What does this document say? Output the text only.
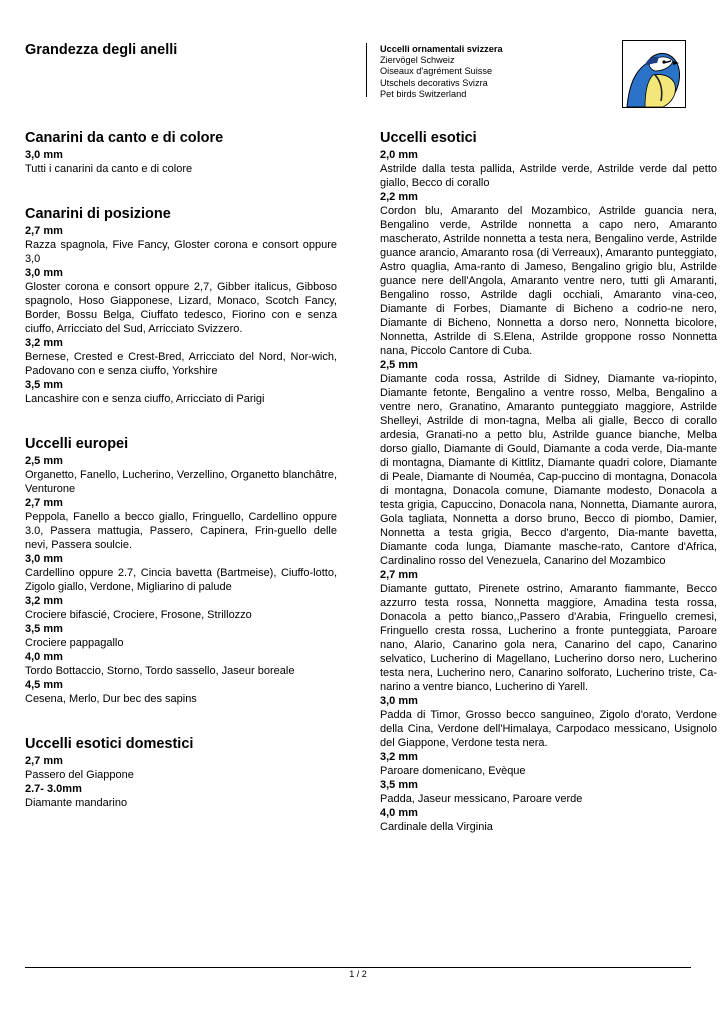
Grandezza degli anelli	Uccelli ornamentali svizzera
Ziervögel Schweiz
Oiseaux d'agrément Suisse
Utschels decorativs Svizra
Pet birds Switzerland
Canarini da canto e di colore
3,0 mm
Tutti i canarini da canto e di colore
Canarini di posizione
2,7 mm
Razza spagnola, Five Fancy, Gloster corona e consort oppure 3,0
3,0 mm
Gloster corona e consort oppure 2,7, Gibber italicus, Gibboso spagnolo, Hoso Giapponese, Lizard, Monaco, Scotch Fancy, Border, Bossu Belga, Ciuffato tedesco, Fiorino con e senza ciuffo, Arricciato del Sud, Arricciato Svizzero.
3,2 mm
Bernese, Crested e Crest-Bred, Arricciato del Nord, Nor-wich, Padovano con e senza ciuffo, Yorkshire
3,5 mm
Lancashire con e senza ciuffo, Arricciato di Parigi
Uccelli europei
2,5 mm
Organetto, Fanello, Lucherino, Verzellino, Organetto blanchâtre, Venturone
2,7 mm
Peppola, Fanello a becco giallo, Fringuello, Cardellino oppure 3.0, Passera mattugia, Passero, Capinera, Frin-guello delle nevi, Passera soulcie.
3,0 mm
Cardellino oppure 2.7, Cincia bavetta (Bartmeise), Ciuffo-lotto, Zigolo giallo, Verdone, Migliarino di palude
3,2 mm
Crociere bifascié, Crociere, Frosone, Strillozzo
3,5 mm
Crociere pappagallo
4,0 mm
Tordo Bottaccio, Storno, Tordo sassello, Jaseur boreale
4,5 mm
Cesena, Merlo, Dur bec des sapins
Uccelli esotici domestici
2,7 mm
Passero del Giappone
2.7- 3.0mm
Diamante mandarino
Uccelli esotici
2,0 mm
Astrilde dalla testa pallida, Astrilde verde, Astrilde verde dal petto giallo, Becco di corallo
2,2 mm
Cordon blu, Amaranto del Mozambico, Astrilde guancia nera, Bengalino verde, Astrilde nonnetta a capo nero, Amaranto mascherato, Astrilde nonnetta a testa nera, Bengalino verde, Astrilde guance arancio, Amaranto rosa (di Verreaux), Amaranto punteggiato, Astro quaglia, Ama-ranto di Jameso, Bengalino grigio blu, Astrilde guance nere dell'Angola, Amaranto ventre nero, tutti gli Amaranti, Bengalino rosso, Astrilde dagli occhiali, Amaranto vina-ceo, Diamante di Forbes, Diamante di Bicheno a codrio-ne nero, Diamante di Bicheno, Nonnetta a dorso nero, Nonnetta bicolore, Nonnetta, Astrilde di S.Elena, Astrilde groppone rosso Nonnetta nana, Piccolo Cantore di Cuba.
2,5 mm
Diamante coda rossa, Astrilde di Sidney, Diamante va-riopinto, Diamante fetonte, Bengalino a ventre rosso, Melba, Bengalino a ventre nero, Granatino, Amaranto punteggiato maggiore, Astrilde Shelleyi, Astrilde di mon-tagna, Melba ali gialle, Becco di corallo ardesia, Granati-no a petto blu, Astrilde guance bianche, Melba dorso giallo, Diamante di Gould, Diamante a coda verde, Dia-mante di montagna, Diamante di Kittlitz, Diamante quadri colore, Diamante di Peale, Diamante di Nouméa, Cap-puccino di montagna, Donacola di montagna, Donacola comune, Diamante modesto, Donacola a testa grigia, Capuccino, Donacola nana, Nonnetta, Diamante aurora, Gola tagliata, Nonnetta a dorso bruno, Becco di piombo, Damier, Nonnetta a testa grigia, Becco d'argento, Dia-mante bavetta, Diamante coda lunga, Diamante masche-rato, Cantore d'Africa, Cardinalino rosso del Venezuela, Canarino del Mozambico
2,7 mm
Diamante guttato, Pirenete ostrino, Amaranto fiammante, Becco azzurro testa rossa, Nonnetta maggiore, Amadina testa rossa, Donacola a petto bianco,,Passero d'Arabia, Fringuello cremesi, Fringuello cresta rossa, Lucherino a fronte punteggiata, Paroare nano, Alario, Canarino gola nera, Canarino del capo, Canarino selvatico, Lucherino di Magellano, Lucherino dorso nero, Lucherino testa nera, Lucherino nero, Canarino solforato, Lucherino triste, Ca-narino a ventre bianco, Lucherino di Yarell.
3,0 mm
Padda di Timor, Grosso becco sanguineo, Zigolo d'orato, Verdone della Cina, Verdone dell'Himalaya, Carpodaco messicano, Usignolo del Giappone, Verdone testa nera.
3,2 mm
Paroare domenicano, Evèque
3,5 mm
Padda, Jaseur messicano, Paroare verde
4,0 mm
Cardinale della Virginia
1 / 2
